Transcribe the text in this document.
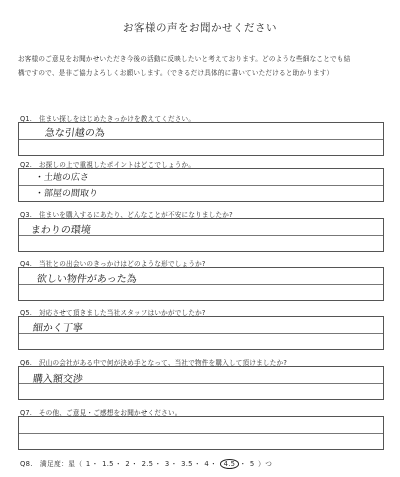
お客様の声をお聞かせください
お客様のご意見をお聞かせいただき今後の活動に反映したいと考えております。どのような些細なことでも結
構ですので、是非ご協力よろしくお願いします。（できるだけ具体的に書いていただけると助かります）
Q1.　住まい探しをはじめたきっかけを教えてください。
急な引越の為
Q2.　お探しの上で重視したポイントはどこでしょうか。
・土地の広さ
・部屋の間取り
Q3.　住まいを購入するにあたり、どんなことが不安になりましたか?
まわりの環境
Q4.　当社との出会いのきっかけはどのような形でしょうか?
欲しい物件があった為
Q5.　対応させて頂きました当社スタッフはいかがでしたか?
細かく丁寧
Q6.　沢山の会社がある中で何が決め手となって、当社で物件を購入して頂けましたか?
購入額交渉
Q7.　その他、ご意見・ご感想をお聞かせください。
Q8.　満足度：星（ 1・ 1.5・ 2・ 2.5・ 3・ 3.5・ 4・ 4.5 ・ 5 ）つ
